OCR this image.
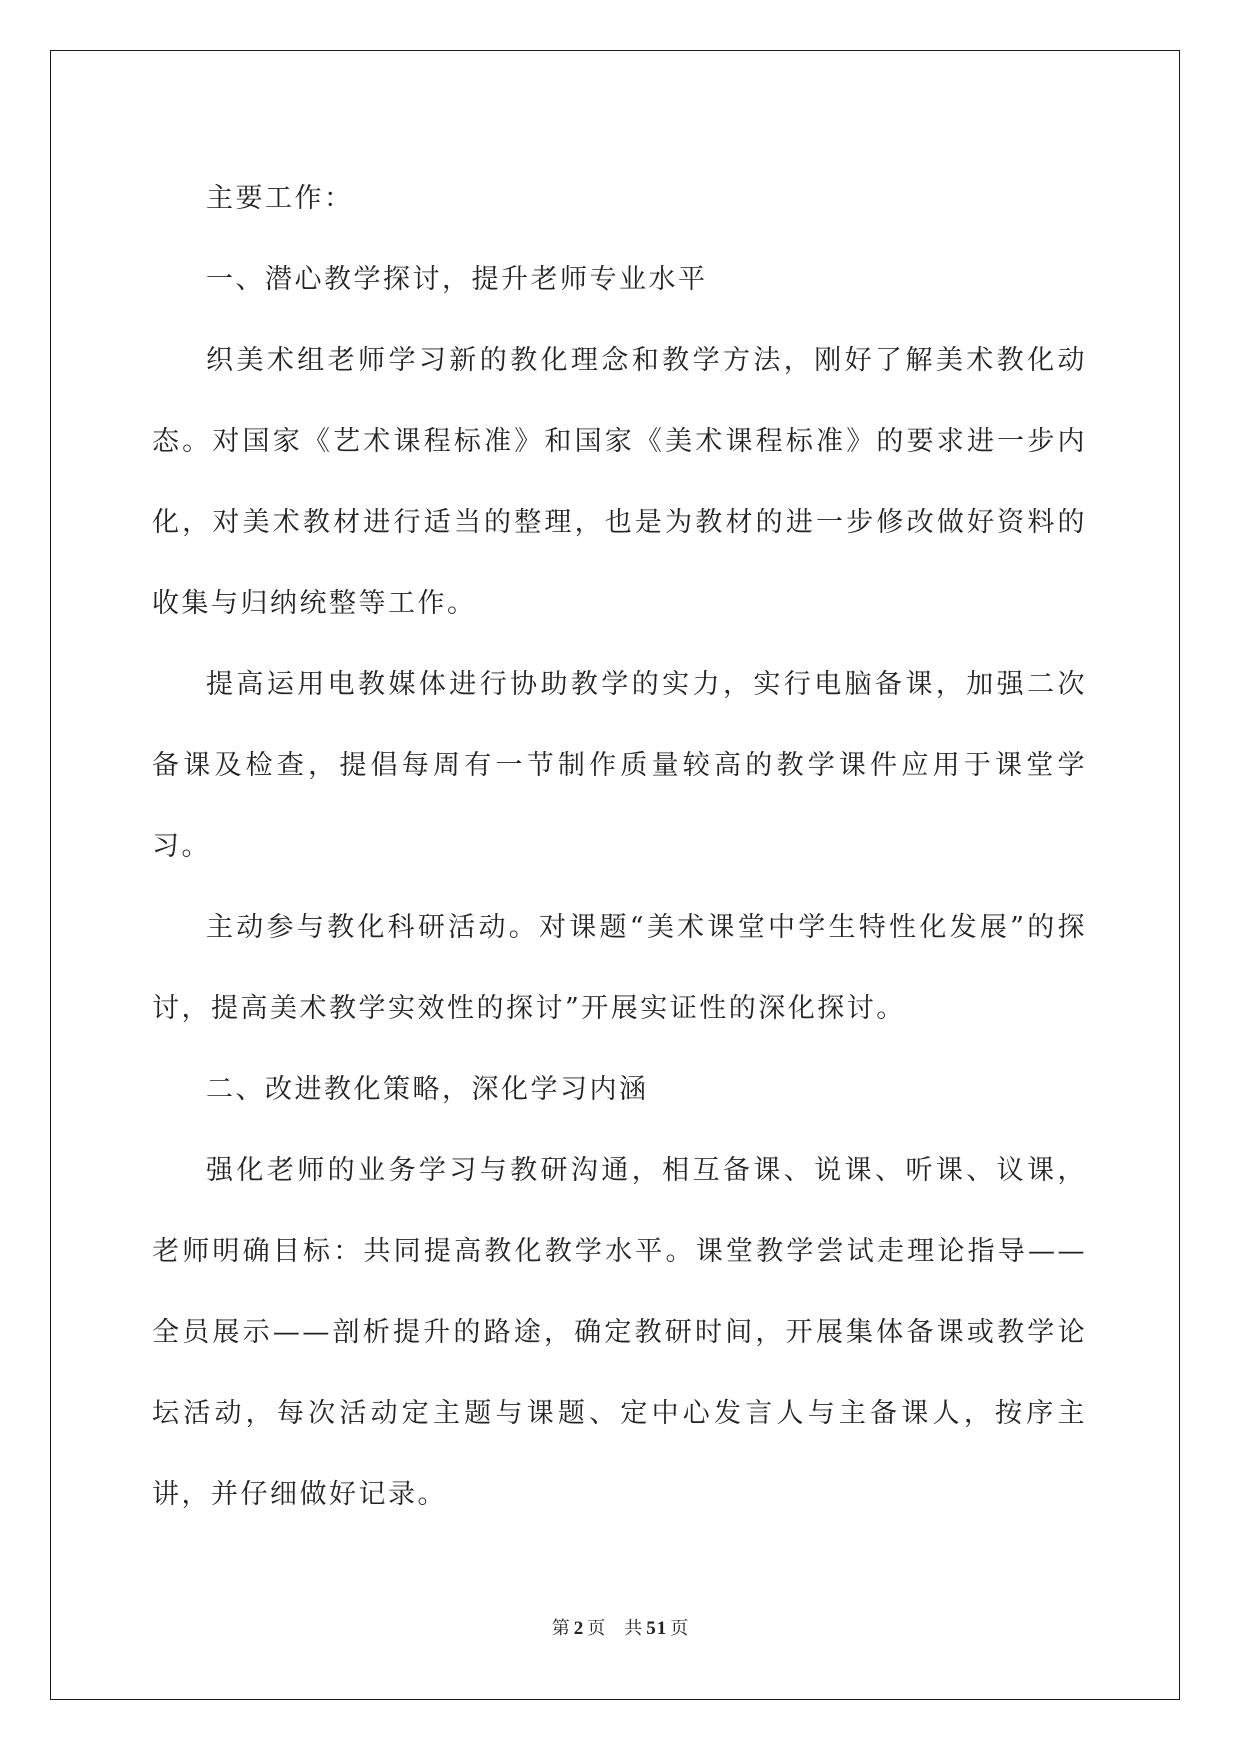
主要工作：

一、潜心教学探讨，提升老师专业水平

织美术组老师学习新的教化理念和教学方法，刚好了解美术教化动态。对国家《艺术课程标准》和国家《美术课程标准》的要求进一步内化，对美术教材进行适当的整理，也是为教材的进一步修改做好资料的收集与归纳统整等工作。

提高运用电教媒体进行协助教学的实力，实行电脑备课，加强二次备课及检查，提倡每周有一节制作质量较高的教学课件应用于课堂学习。

主动参与教化科研活动。对课题“美术课堂中学生特性化发展”的探讨，提高美术教学实效性的探讨”开展实证性的深化探讨。

二、改进教化策略，深化学习内涵

强化老师的业务学习与教研沟通，相互备课、说课、听课、议课，老师明确目标：共同提高教化教学水平。课堂教学尝试走理论指导——全员展示——剖析提升的路途，确定教研时间，开展集体备课或教学论坛活动，每次活动定主题与课题、定中心发言人与主备课人，按序主讲，并仔细做好记录。

第 2 页 共 51 页
